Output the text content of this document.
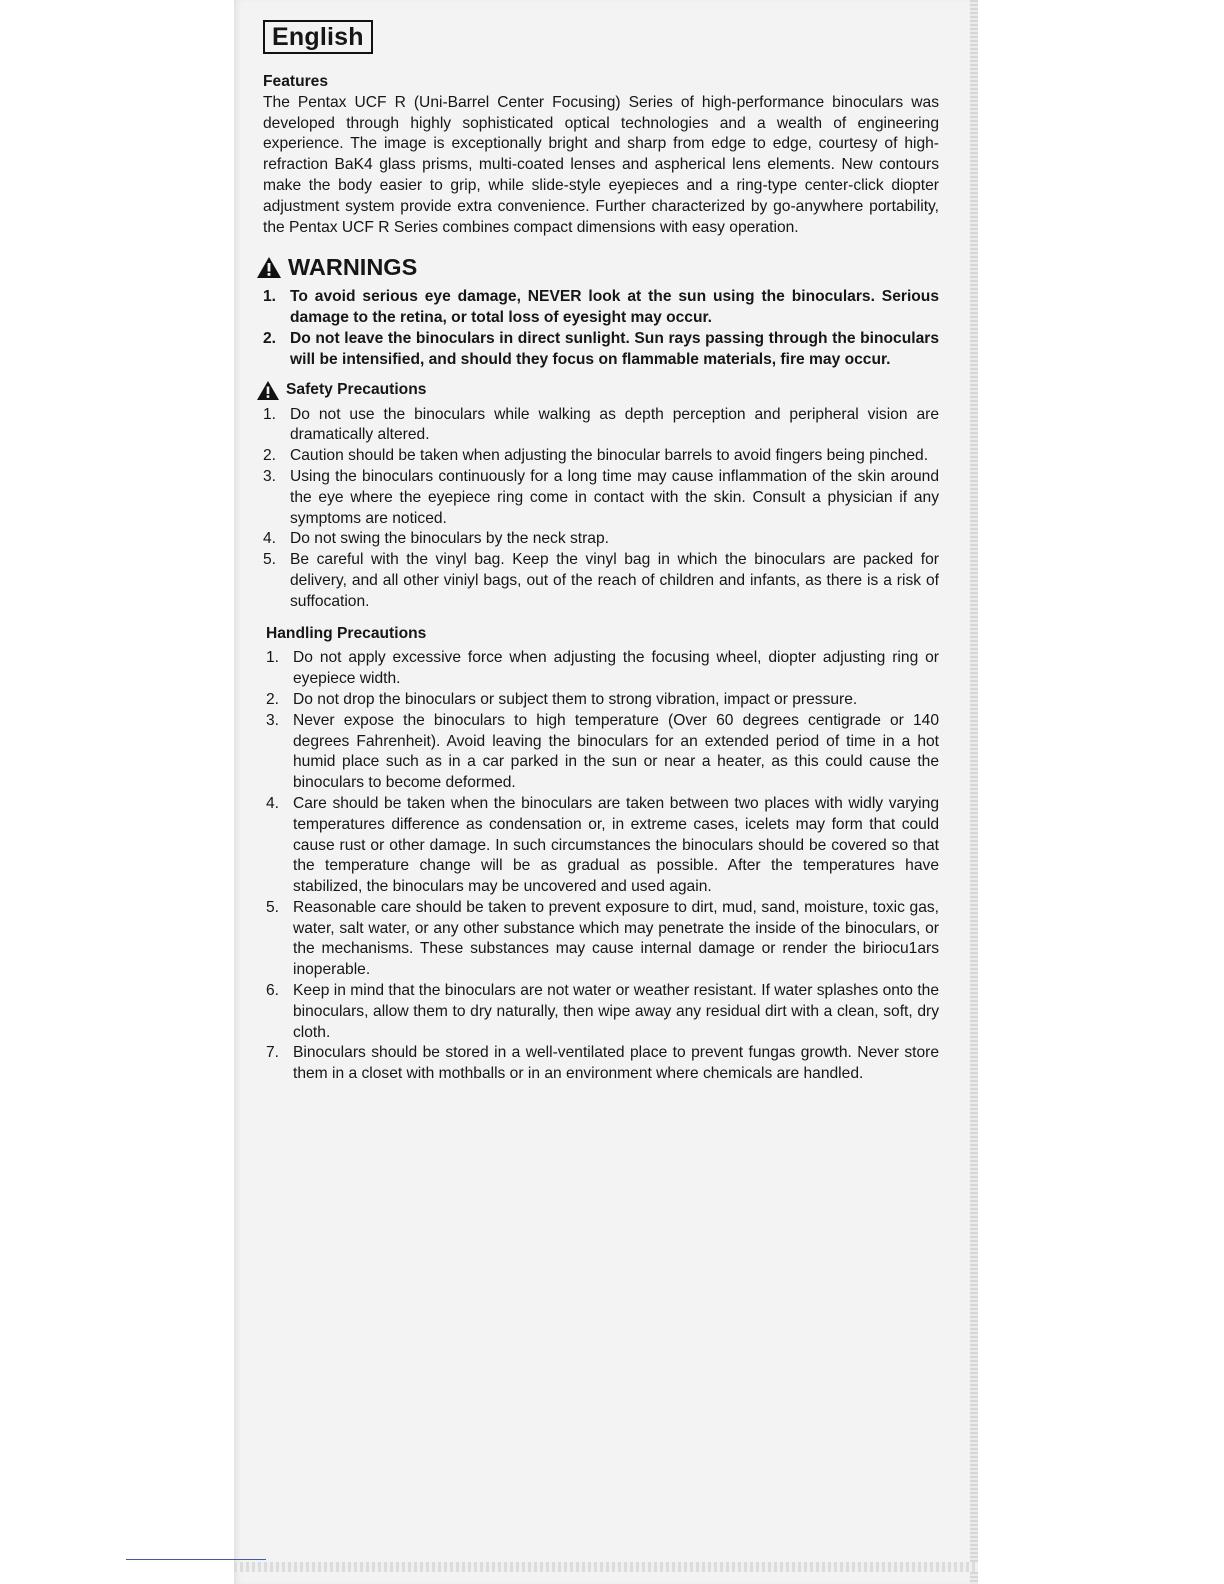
English
Features

The Pentax UCF R (Uni-Barrel Center Focusing) Series of high-performance binoculars was developed through highly sophisticated optical technologies and a wealth of engineering experience. The image is exceptionally bright and sharp from edge to edge, courtesy of high-refraction BaK4 glass prisms, multi-coated lenses and aspherical lens elements. New contours make the body easier to grip, while slide-style eyepieces and a ring-type center-click diopter adjustment system provide extra convenience. Further characterized by go-anywhere portability, the Pentax UCF R Series combines compact dimensions with easy operation.

WARNINGS
1. To avoid serious eye damage, NEVER look at the sun using the binoculars. Serious damage to the retina, or total loss of eyesight may occur.
2. Do not leave the binoculars in direct sunlight. Sun rays passing through the binoculars will be intensified, and should they focus on flammable materials, fire may occur.
Safety Precautions
1. Do not use the binoculars while walking as depth perception and peripheral vision are dramatically altered.
2. Caution should be taken when adjusting the binocular barrels to avoid fingers being pinched.
3. Using the binoculars continuously for a long time may cause inflammation of the skin around the eye where the eyepiece ring come in contact with the skin. Consult a physician if any symptoms are noticed.
4. Do not swing the binoculars by the neck strap.
5. Be careful with the vinyl bag. Keep the vinyl bag in which the binoculars are packed for delivery, and all other viniyl bags, out of the reach of children and infants, as there is a risk of suffocation.
Handling Precautions
1. Do not apply excessive force when adjusting the focusing wheel, diopter adjusting ring or eyepiece width.
2. Do not drop the binoculars or subject them to strong vibration, impact or pressure.
3. Never expose the binoculars to high temperature (Over 60 degrees centigrade or 140 degrees Fahrenheit). Avoid leaving the binoculars for an extended period of time in a hot humid place such as in a car parked in the sun or near a heater, as this could cause the binoculars to become deformed.
4. Care should be taken when the binoculars are taken between two places with widly varying temperatures difference as condensation or, in extreme cases, icelets may form that could cause rust or other damage. In such circumstances the binoculars should be covered so that the temperature change will be as gradual as possible. After the temperatures have stabilized, the binoculars may be uncovered and used again.
5. Reasonable care should be taken to prevent exposure to dirt, mud, sand, moisture, toxic gas, water, salt water, or any other substance which may penetrate the inside of the binoculars, or the mechanisms. These substances may cause internal damage or render the biriocu1ars inoperable.
6. Keep in mind that the binoculars are not water or weather resistant. If water splashes onto the binoculars, allow them to dry naturally, then wipe away any residual dirt with a clean, soft, dry cloth.
7. Binoculars should be stored in a well-ventilated place to prevent fungas growth. Never store them in a closet with mothballs or in an environment where chemicals are handled.
